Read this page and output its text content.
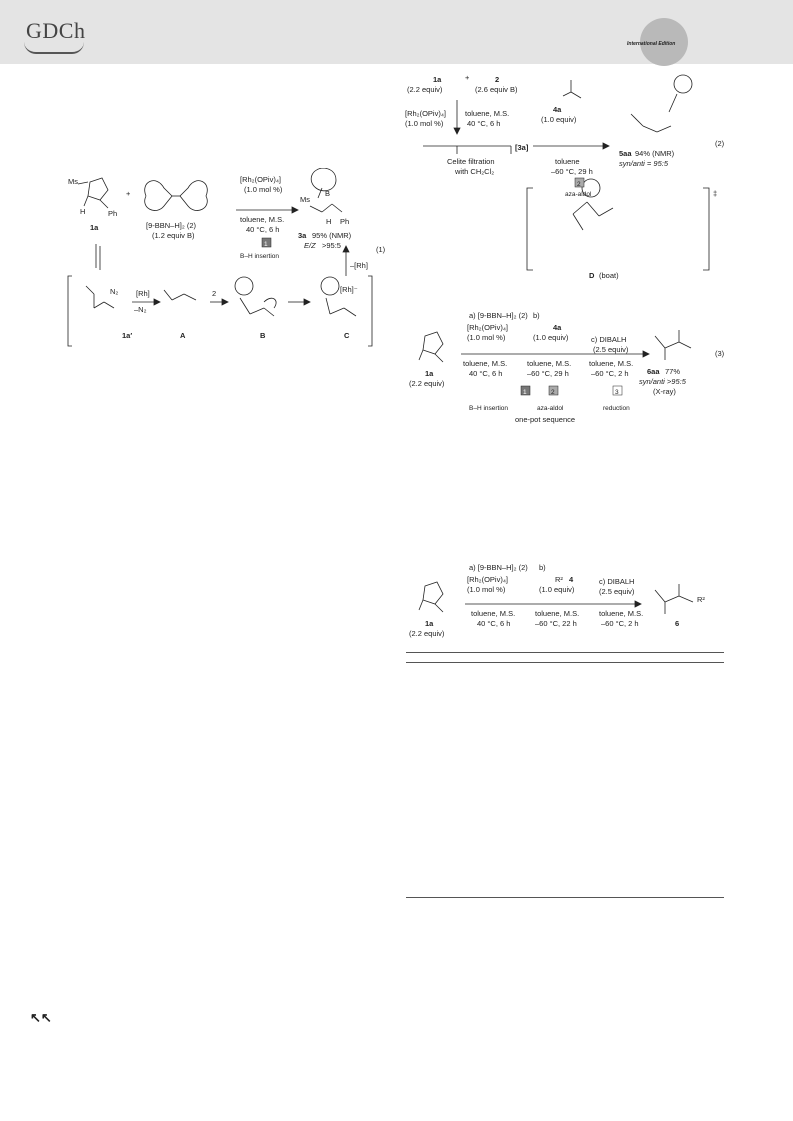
GDCh
International Edition
Ms
H	Ph
1a
+
[9-BBN–H]₂ (2)
(1.2 equiv B)
[Rh₂(OPiv)₄]
(1.0 mol %)
toluene, M.S.
40 °C, 6 h
1
B–H insertion
Ms
B
H Ph
3a 95% (NMR)
E/Z >95:5	(1)
–[Rh]
1a′
N₂ [Rh]
–N₂
A
2
B	C
[Rh]⁻
1a
(2.2 equiv)
+	2
(2.6 equiv B)
[Rh₂(OPiv)₄]
(1.0 mol %)
toluene, M.S.
40 °C, 6 h
Celite filtration
with CH₂Cl₂
[3a]
4a
(1.0 equiv)
toluene
–60 °C, 29 h
2
aza-aldol
5aa 94% (NMR)
syn/anti = 95:5
(2)
D (boat)
‡
a) [9-BBN–H]₂ (2) b)
c) DIBALH
[Rh₂(OPiv)₄]
(1.0 mol %)
4a
(1.0 equiv)
(2.5 equiv)
toluene, M.S.
40 °C, 6 h
toluene, M.S.
–60 °C, 29 h
toluene, M.S.
–60 °C, 2 h
1	2	3
B–H insertion	aza-aldol	reduction
one-pot sequence
1a
(2.2 equiv)
6aa 77%
syn/anti >95:5
(X-ray)
(3)
a) [9-BBN–H]₂ (2) b)
c) DIBALH
[Rh₂(OPiv)₄]
(1.0 mol %)
4
R²
(1.0 equiv)	(2.5 equiv)
toluene, M.S.
40 °C, 6 h
toluene, M.S.
–60 °C, 22 h
toluene, M.S.
–60 °C, 2 h
1a
(2.2 equiv)
6
R²
↖↖
